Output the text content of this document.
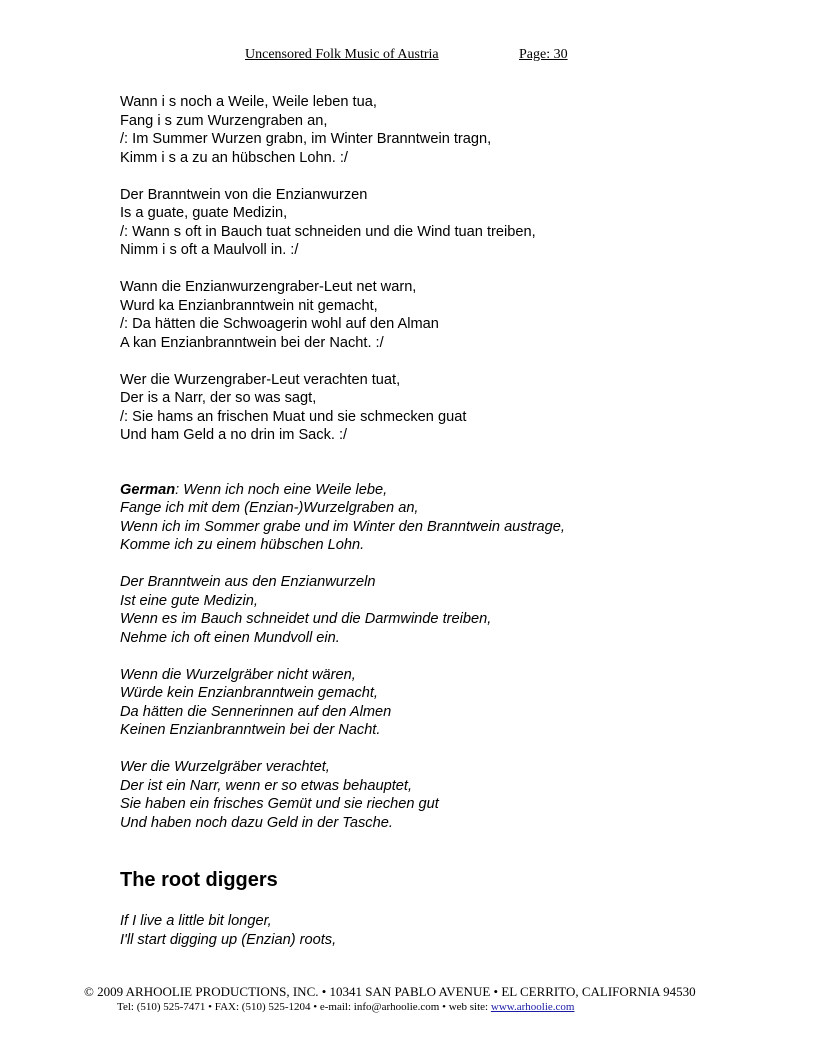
Uncensored Folk Music of Austria	Page: 30
Wann i s noch a Weile, Weile leben tua,
Fang i s zum Wurzengraben an,
/: Im Summer Wurzen grabn, im Winter Branntwein tragn,
Kimm i s a zu an hübschen Lohn. :/
Der Branntwein von die Enzianwurzen
Is a guate, guate Medizin,
/: Wann s oft in Bauch tuat schneiden und die Wind tuan treiben,
Nimm i s oft a Maulvoll in. :/
Wann die Enzianwurzengraber-Leut net warn,
Wurd ka Enzianbranntwein nit gemacht,
/: Da hätten die Schwoagerin wohl auf den Alman
A kan Enzianbranntwein bei der Nacht. :/
Wer die Wurzengraber-Leut verachten tuat,
Der is a Narr, der so was sagt,
/: Sie hams an frischen Muat und sie schmecken guat
Und ham Geld a no drin im Sack. :/
German: Wenn ich noch eine Weile lebe,
Fange ich mit dem (Enzian-)Wurzelgraben an,
Wenn ich im Sommer grabe und im Winter den Branntwein austrage,
Komme ich zu einem hübschen Lohn.
Der Branntwein aus den Enzianwurzeln
Ist eine gute Medizin,
Wenn es im Bauch schneidet und die Darmwinde treiben,
Nehme ich oft einen Mundvoll ein.
Wenn die Wurzelgräber nicht wären,
Würde kein Enzianbranntwein gemacht,
Da hätten die Sennerinnen auf den Almen
Keinen Enzianbranntwein bei der Nacht.
Wer die Wurzelgräber verachtet,
Der ist ein Narr, wenn er so etwas behauptet,
Sie haben ein frisches Gemüt und sie riechen gut
Und haben noch dazu Geld in der Tasche.
The root diggers
If I live a little bit longer,
I'll start digging up (Enzian) roots,
© 2009 ARHOOLIE PRODUCTIONS, INC. • 10341 SAN PABLO AVENUE • EL CERRITO, CALIFORNIA 94530
Tel: (510) 525-7471 • FAX: (510) 525-1204 • e-mail: info@arhoolie.com • web site: www.arhoolie.com
